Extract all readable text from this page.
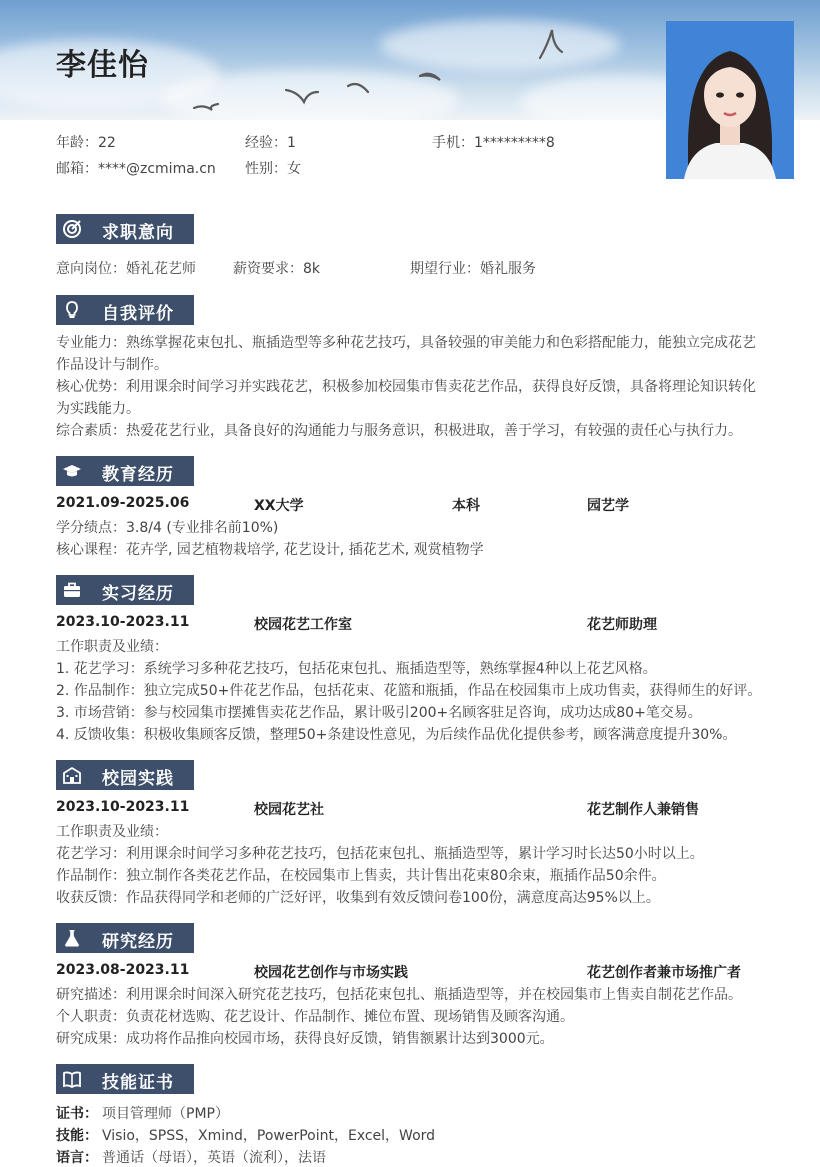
李佳怡
年龄：22	经验：1	手机：1*********8
邮箱：****@zcmima.cn 性别：女
求职意向
意向岗位：婚礼花艺师	薪资要求：8k	期望行业：婚礼服务
自我评价
专业能力：熟练掌握花束包扎、瓶插造型等多种花艺技巧，具备较强的审美能力和色彩搭配能力，能独立完成花艺
作品设计与制作。
核心优势：利用课余时间学习并实践花艺，积极参加校园集市售卖花艺作品，获得良好反馈，具备将理论知识转化
为实践能力。
综合素质：热爱花艺行业，具备良好的沟通能力与服务意识，积极进取，善于学习，有较强的责任心与执行力。
教育经历
2021.09-2025.06	XX大学	本科	园艺学
学分绩点：3.8/4 (专业排名前10%)
核心课程：花卉学, 园艺植物栽培学, 花艺设计, 插花艺术, 观赏植物学
实习经历
2023.10-2023.11	校园花艺工作室	花艺师助理
工作职责及业绩：
1. 花艺学习：系统学习多种花艺技巧，包括花束包扎、瓶插造型等，熟练掌握4种以上花艺风格。
2. 作品制作：独立完成50+件花艺作品，包括花束、花篮和瓶插，作品在校园集市上成功售卖，获得师生的好评。
3. 市场营销：参与校园集市摆摊售卖花艺作品，累计吸引200+名顾客驻足咨询，成功达成80+笔交易。
4. 反馈收集：积极收集顾客反馈，整理50+条建设性意见，为后续作品优化提供参考，顾客满意度提升30%。
校园实践
2023.10-2023.11	校园花艺社	花艺制作人兼销售
工作职责及业绩：
花艺学习：利用课余时间学习多种花艺技巧，包括花束包扎、瓶插造型等，累计学习时长达50小时以上。
作品制作：独立制作各类花艺作品，在校园集市上售卖，共计售出花束80余束，瓶插作品50余件。
收获反馈：作品获得同学和老师的广泛好评，收集到有效反馈问卷100份，满意度高达95%以上。
研究经历
2023.08-2023.11	校园花艺创作与市场实践	花艺创作者兼市场推广者
研究描述：利用课余时间深入研究花艺技巧，包括花束包扎、瓶插造型等，并在校园集市上售卖自制花艺作品。
个人职责：负责花材选购、花艺设计、作品制作、摊位布置、现场销售及顾客沟通。
研究成果：成功将作品推向校园市场，获得良好反馈，销售额累计达到3000元。
技能证书
证书： 项目管理师（PMP）
技能： Visio，SPSS，Xmind，PowerPoint，Excel，Word
语言： 普通话（母语），英语（流利），法语
